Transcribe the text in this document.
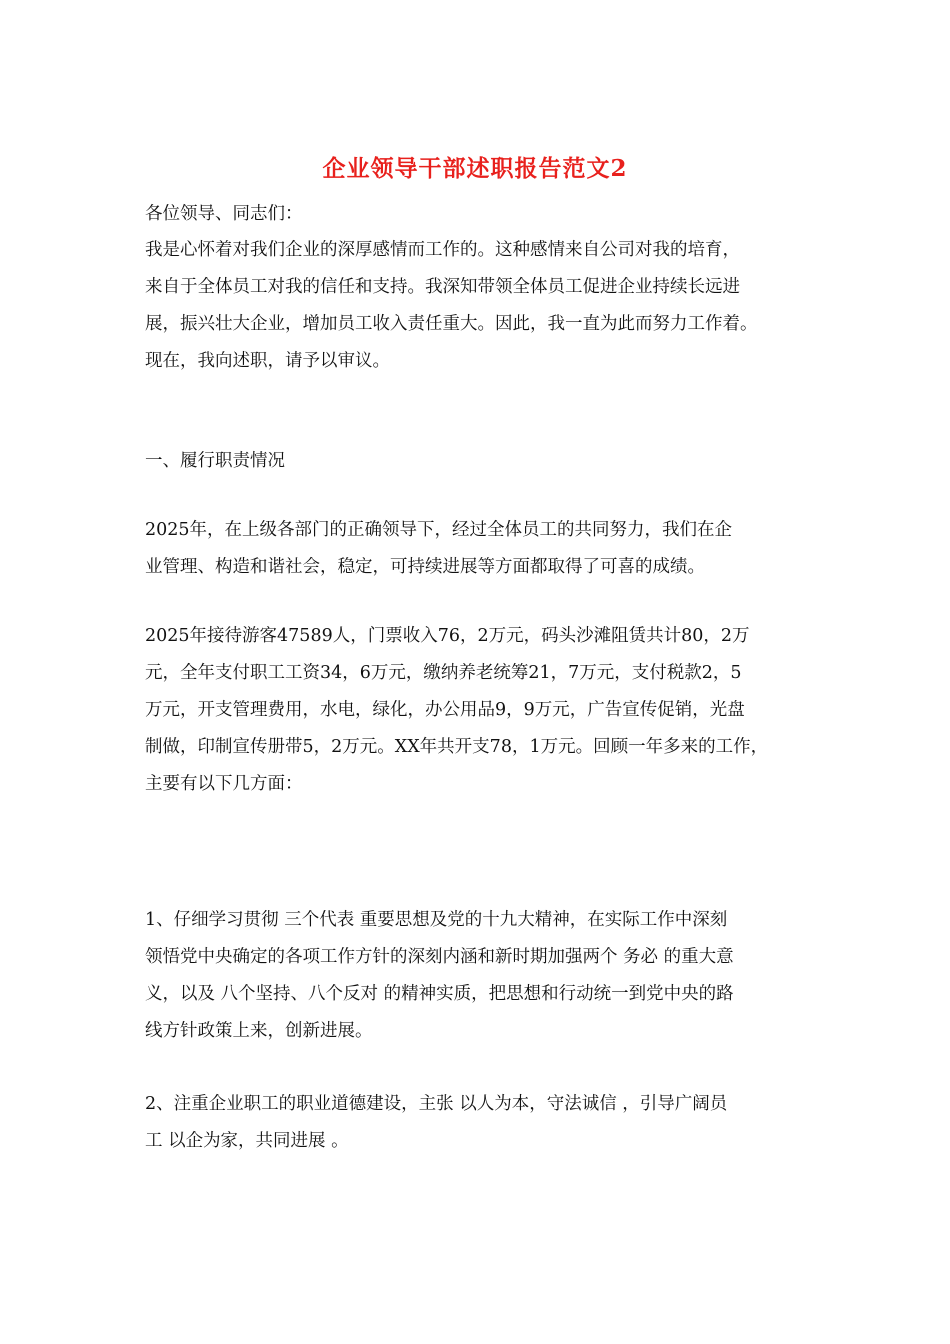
企业领导干部述职报告范文2
各位领导、同志们：
我是心怀着对我们企业的深厚感情而工作的。这种感情来自公司对我的培育，
来自于全体员工对我的信任和支持。我深知带领全体员工促进企业持续长远进
展，振兴壮大企业，增加员工收入责任重大。因此，我一直为此而努力工作着。
现在，我向述职，请予以审议。
一、履行职责情况
2025年，在上级各部门的正确领导下，经过全体员工的共同努力，我们在企
业管理、构造和谐社会，稳定，可持续进展等方面都取得了可喜的成绩。
2025年接待游客47589人，门票收入76，2万元，码头沙滩阻赁共计80，2万
元，全年支付职工工资34，6万元，缴纳养老统筹21，7万元，支付税款2，5
万元，开支管理费用，水电，绿化，办公用品9，9万元，广告宣传促销，光盘
制做，印制宣传册带5，2万元。XX年共开支78，1万元。回顾一年多来的工作，
主要有以下几方面：
1、仔细学习贯彻 三个代表 重要思想及党的十九大精神，在实际工作中深刻
领悟党中央确定的各项工作方针的深刻内涵和新时期加强两个 务必 的重大意
义，以及 八个坚持、八个反对 的精神实质，把思想和行动统一到党中央的路
线方针政策上来，创新进展。
2、注重企业职工的职业道德建设，主张 以人为本，守法诚信 ，引导广阔员
工 以企为家，共同进展 。
